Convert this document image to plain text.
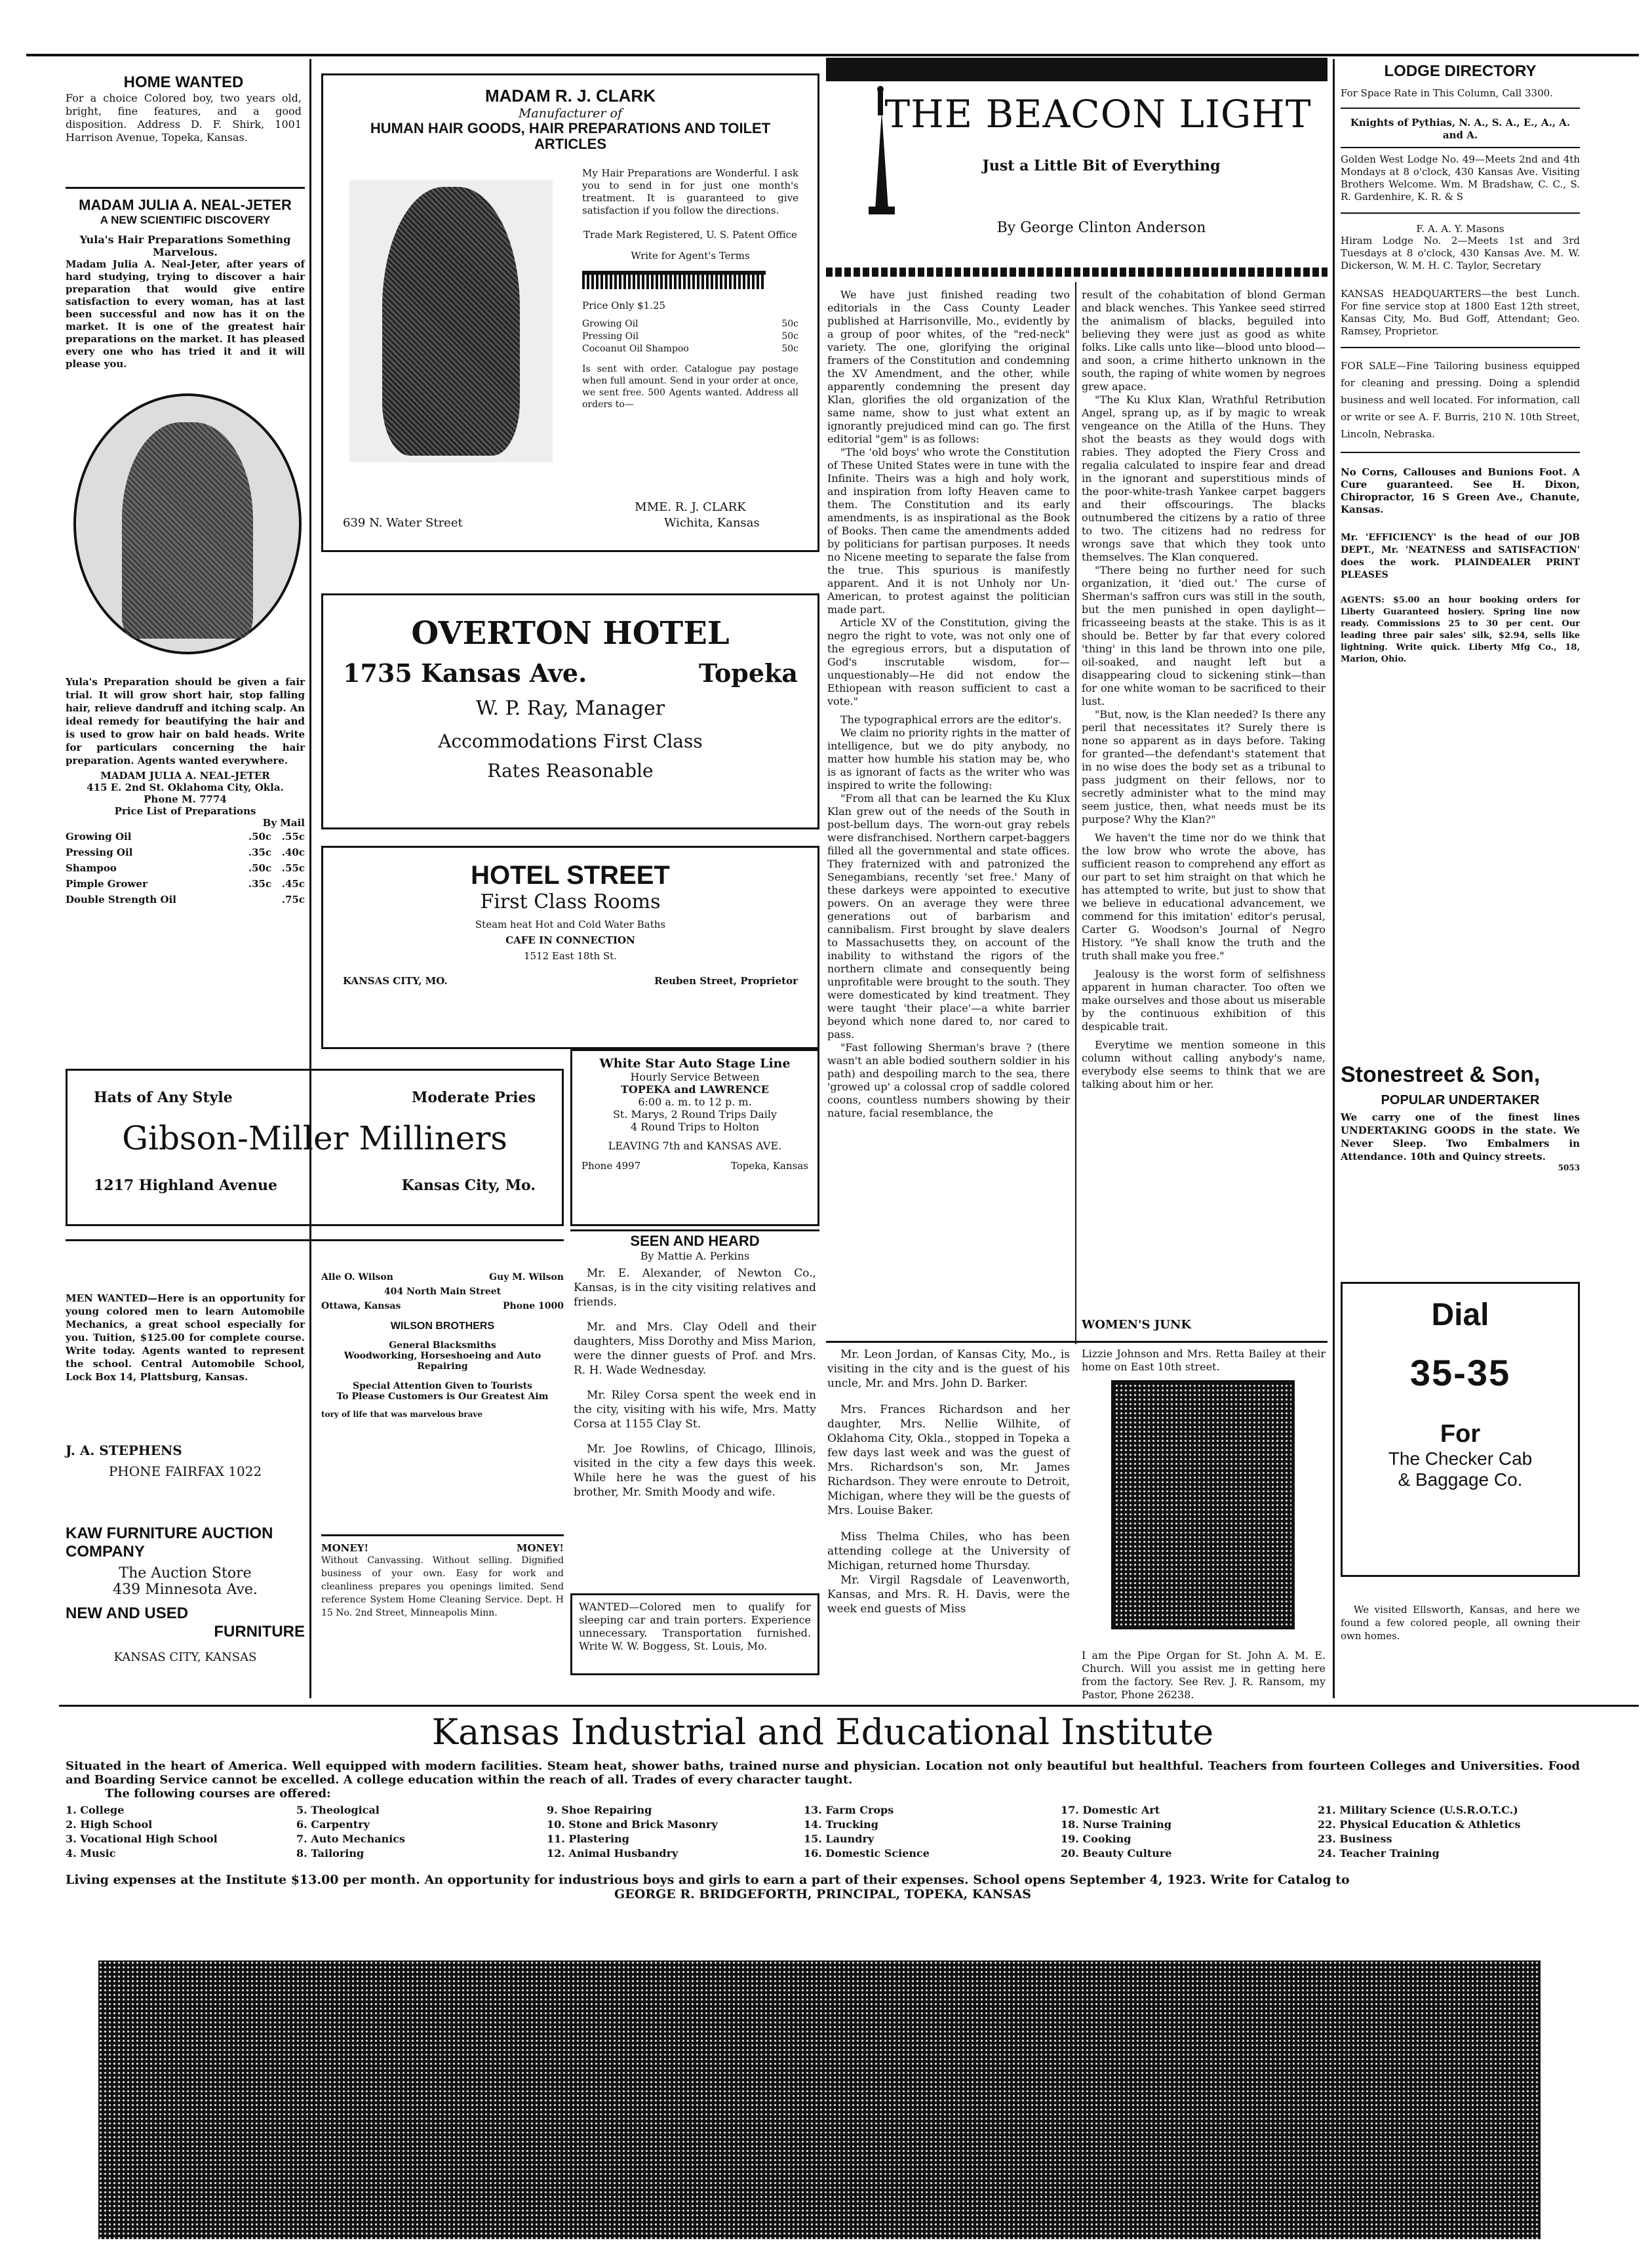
HOME WANTED

For a choice Colored boy, two years old, bright, fine features, and a good disposition. Address D. F. Shirk, 1001 Harrison Avenue, Topeka, Kansas.

MADAM JULIA A. NEAL-JETER
A NEW SCIENTIFIC DISCOVERY
Yula's Hair Preparations Something Marvelous.

Madam Julia A. Neal-Jeter, after years of hard studying, trying to discover a hair preparation that would give entire satisfaction to every woman, has at last been successful and now has it on the market. It is one of the greatest hair preparations on the market. It has pleased every one who has tried it and it will please you.

Yula's Preparation should be given a fair trial. It will grow short hair, stop falling hair, relieve dandruff and itching scalp. An ideal remedy for beautifying the hair and is used to grow hair on bald heads. Write for particulars concerning the hair preparation. Agents wanted everywhere.

MADAM JULIA A. NEAL-JETER
415 E. 2nd St. Oklahoma City, Okla.
Phone M. 7774
Price List of Preparations
By Mail
Growing Oil	.50c .55c
Pressing Oil	.35c .40c
Shampoo	.50c .55c
Pimple Grower	.35c .45c
Double Strength Oil	.75c
Hats of Any Style	Moderate Pries
Gibson-Miller Milliners
1217 Highland Avenue	Kansas City, Mo.

MEN WANTED—Here is an opportunity for young colored men to learn Automobile Mechanics, a great school especially for you. Tuition, $125.00 for complete course. Write today. Agents wanted to represent the school. Central Automobile School, Lock Box 14, Plattsburg, Kansas.

J. A. STEPHENS
PHONE FAIRFAX 1022
KAW FURNITURE AUCTION COMPANY
The Auction Store
439 Minnesota Ave.
NEW AND USED
FURNITURE
KANSAS CITY, KANSAS
MADAM R. J. CLARK
Manufacturer of
HUMAN HAIR GOODS, HAIR PREPARATIONS AND TOILET ARTICLES

My Hair Preparations are Wonderful. I ask you to send in for just one month's treatment. It is guaranteed to give satisfaction if you follow the directions.

Trade Mark Registered, U. S. Patent Office
Write for Agent's Terms
Price Only $1.25
Growing Oil	50c
Pressing Oil	50c
Cocoanut Oil Shampoo	50c

Is sent with order. Catalogue pay postage when full amount. Send in your order at once, we sent free. 500 Agents wanted. Address all orders to—

MME. R. J. CLARK
639 N. Water Street	Wichita, Kansas
OVERTON HOTEL
1735 Kansas Ave.	Topeka
W. P. Ray, Manager
Accommodations First Class
Rates Reasonable
HOTEL STREET
First Class Rooms
Steam heat Hot and Cold Water Baths
CAFE IN CONNECTION
1512 East 18th St.
KANSAS CITY, MO.	Reuben Street, Proprietor
Alle O. Wilson	Guy M. Wilson
404 North Main Street
Ottawa, Kansas	Phone 1000
WILSON BROTHERS
General Blacksmiths
Woodworking, Horseshoeing and Auto Repairing
Special Attention Given to Tourists
To Please Customers is Our Greatest Aim
tory of life that was marvelous brave
MONEY!	MONEY!

Without Canvassing. Without selling. Dignified business of your own. Easy for work and cleanliness prepares you openings limited. Send reference System Home Cleaning Service. Dept. H 15 No. 2nd Street, Minneapolis Minn.

White Star Auto Stage Line
Hourly Service Between
TOPEKA and LAWRENCE
6:00 a. m. to 12 p. m.
St. Marys, 2 Round Trips Daily
4 Round Trips to Holton
LEAVING 7th and KANSAS AVE.
Phone 4997	Topeka, Kansas
SEEN AND HEARD
By Mattie A. Perkins

Mr. E. Alexander, of Newton Co., Kansas, is in the city visiting relatives and friends.

Mr. and Mrs. Clay Odell and their daughters, Miss Dorothy and Miss Marion, were the dinner guests of Prof. and Mrs. R. H. Wade Wednesday.

Mr. Riley Corsa spent the week end in the city, visiting with his wife, Mrs. Matty Corsa at 1155 Clay St.

Mr. Joe Rowlins, of Chicago, Illinois, visited in the city a few days this week. While here he was the guest of his brother, Mr. Smith Moody and wife.

WANTED—Colored men to qualify for sleeping car and train porters. Experience unnecessary. Transportation furnished. Write W. W. Boggess, St. Louis, Mo.

THE BEACON LIGHT
Just a Little Bit of Everything
By George Clinton Anderson

We have just finished reading two editorials in the Cass County Leader published at Harrisonville, Mo., evidently by a group of poor whites, of the "red-neck" variety. The one, glorifying the original framers of the Constitution and condemning the XV Amendment, and the other, while apparently condemning the present day Klan, glorifies the old organization of the same name, show to just what extent an ignorantly prejudiced mind can go. The first editorial "gem" is as follows:

"The 'old boys' who wrote the Constitution of These United States were in tune with the Infinite. Theirs was a high and holy work, and inspiration from lofty Heaven came to them. The Constitution and its early amendments, is as inspirational as the Book of Books. Then came the amendments added by politicians for partisan purposes. It needs no Nicene meeting to separate the false from the true. This spurious is manifestly apparent. And it is not Unholy nor Un-American, to protest against the politician made part.

Article XV of the Constitution, giving the negro the right to vote, was not only one of the egregious errors, but a disputation of God's inscrutable wisdom, for—unquestionably—He did not endow the Ethiopean with reason sufficient to cast a vote."

The typographical errors are the editor's.

We claim no priority rights in the matter of intelligence, but we do pity anybody, no matter how humble his station may be, who is as ignorant of facts as the writer who was inspired to write the following:

"From all that can be learned the Ku Klux Klan grew out of the needs of the South in post-bellum days. The worn-out gray rebels were disfranchised. Northern carpet-baggers filled all the governmental and state offices. They fraternized with and patronized the Senegambians, recently 'set free.' Many of these darkeys were appointed to executive powers. On an average they were three generations out of barbarism and cannibalism. First brought by slave dealers to Massachusetts they, on account of the inability to withstand the rigors of the northern climate and consequently being unprofitable were brought to the south. They were domesticated by kind treatment. They were taught 'their place'—a white barrier beyond which none dared to, nor cared to pass.

"Fast following Sherman's brave ? (there wasn't an able bodied southern soldier in his path) and despoiling march to the sea, there 'growed up' a colossal crop of saddle colored coons, countless numbers showing by their nature, facial resemblance, the

result of the cohabitation of blond German and black wenches. This Yankee seed stirred the animalism of blacks, beguiled into believing they were just as good as white folks. Like calls unto like—blood unto blood—and soon, a crime hitherto unknown in the south, the raping of white women by negroes grew apace.

"The Ku Klux Klan, Wrathful Retribution Angel, sprang up, as if by magic to wreak vengeance on the Atilla of the Huns. They shot the beasts as they would dogs with rabies. They adopted the Fiery Cross and regalia calculated to inspire fear and dread in the ignorant and superstitious minds of the poor-white-trash Yankee carpet baggers and their offscourings. The blacks outnumbered the citizens by a ratio of three to two. The citizens had no redress for wrongs save that which they took unto themselves. The Klan conquered.

"There being no further need for such organization, it 'died out.' The curse of Sherman's saffron curs was still in the south, but the men punished in open daylight—fricasseeing beasts at the stake. This is as it should be. Better by far that every colored 'thing' in this land be thrown into one pile, oil-soaked, and naught left but a disappearing cloud to sickening stink—than for one white woman to be sacrificed to their lust.

"But, now, is the Klan needed? Is there any peril that necessitates it? Surely there is none so apparent as in days before. Taking for granted—the defendant's statement that in no wise does the body set as a tribunal to pass judgment on their fellows, nor to secretly administer what to the mind may seem justice, then, what needs must be its purpose? Why the Klan?"

We haven't the time nor do we think that the low brow who wrote the above, has sufficient reason to comprehend any effort as our part to set him straight on that which he has attempted to write, but just to show that we believe in educational advancement, we commend for this imitation' editor's perusal, Carter G. Woodson's Journal of Negro History. "Ye shall know the truth and the truth shall make you free."

Jealousy is the worst form of selfishness apparent in human character. Too often we make ourselves and those about us miserable by the continuous exhibition of this despicable trait.

Everytime we mention someone in this column without calling anybody's name, everybody else seems to think that we are talking about him or her.

WOMEN'S JUNK

Mr. Leon Jordan, of Kansas City, Mo., is visiting in the city and is the guest of his uncle, Mr. and Mrs. John D. Barker.

Mrs. Frances Richardson and her daughter, Mrs. Nellie Wilhite, of Oklahoma City, Okla., stopped in Topeka a few days last week and was the guest of Mrs. Richardson's son, Mr. James Richardson. They were enroute to Detroit, Michigan, where they will be the guests of Mrs. Louise Baker.

Miss Thelma Chiles, who has been attending college at the University of Michigan, returned home Thursday.

Mr. Virgil Ragsdale of Leavenworth, Kansas, and Mrs. R. H. Davis, were the week end guests of Miss

Lizzie Johnson and Mrs. Retta Bailey at their home on East 10th street.

I am the Pipe Organ for St. John A. M. E. Church. Will you assist me in getting here from the factory. See Rev. J. R. Ransom, my Pastor, Phone 26238.

LODGE DIRECTORY

For Space Rate in This Column, Call 3300.

Knights of Pythias, N. A., S. A., E., A., A. and A.

Golden West Lodge No. 49—Meets 2nd and 4th Mondays at 8 o'clock, 430 Kansas Ave. Visiting Brothers Welcome. Wm. M Bradshaw, C. C., S. R. Gardenhire, K. R. & S

F. A. A. Y. Masons

Hiram Lodge No. 2—Meets 1st and 3rd Tuesdays at 8 o'clock, 430 Kansas Ave. M. W. Dickerson, W. M. H. C. Taylor, Secretary

KANSAS HEADQUARTERS—the best Lunch. For fine service stop at 1800 East 12th street, Kansas City, Mo. Bud Goff, Attendant; Geo. Ramsey, Proprietor.

FOR SALE—Fine Tailoring business equipped for cleaning and pressing. Doing a splendid business and well located. For information, call or write or see A. F. Burris, 210 N. 10th Street, Lincoln, Nebraska.

No Corns, Callouses and Bunions Foot. A Cure guaranteed. See H. Dixon, Chiropractor, 16 S Green Ave., Chanute, Kansas.

Mr. 'EFFICIENCY' is the head of our JOB DEPT., Mr. 'NEATNESS and SATISFACTION' does the work. PLAINDEALER PRINT PLEASES

AGENTS: $5.00 an hour booking orders for Liberty Guaranteed hosiery. Spring line now ready. Commissions 25 to 30 per cent. Our leading three pair sales' silk, $2.94, sells like lightning. Write quick. Liberty Mfg Co., 18, Marion, Ohio.

Stonestreet & Son,
POPULAR UNDERTAKER

We carry one of the finest lines UNDERTAKING GOODS in the state. We Never Sleep. Two Embalmers in Attendance. 10th and Quincy streets.

5053
Dial
35-35
For
The Checker Cab
& Baggage Co.

We visited Ellsworth, Kansas, and here we found a few colored people, all owning their own homes.

Kansas Industrial and Educational Institute

Situated in the heart of America. Well equipped with modern facilities. Steam heat, shower baths, trained nurse and physician. Location not only beautiful but healthful. Teachers from fourteen Colleges and Universities. Food and Boarding Service cannot be excelled. A college education within the reach of all. Trades of every character taught.

The following courses are offered:
1. College
2. High School
3. Vocational High School
4. Music
5. Theological
6. Carpentry
7. Auto Mechanics
8. Tailoring
9. Shoe Repairing
10. Stone and Brick Masonry
11. Plastering
12. Animal Husbandry
13. Farm Crops
14. Trucking
15. Laundry
16. Domestic Science
17. Domestic Art
18. Nurse Training
19. Cooking
20. Beauty Culture
21. Military Science (U.S.R.O.T.C.)
22. Physical Education & Athletics
23. Business
24. Teacher Training

Living expenses at the Institute $13.00 per month. An opportunity for industrious boys and girls to earn a part of their expenses. School opens September 4, 1923. Write for Catalog to

GEORGE R. BRIDGEFORTH, PRINCIPAL, TOPEKA, KANSAS
